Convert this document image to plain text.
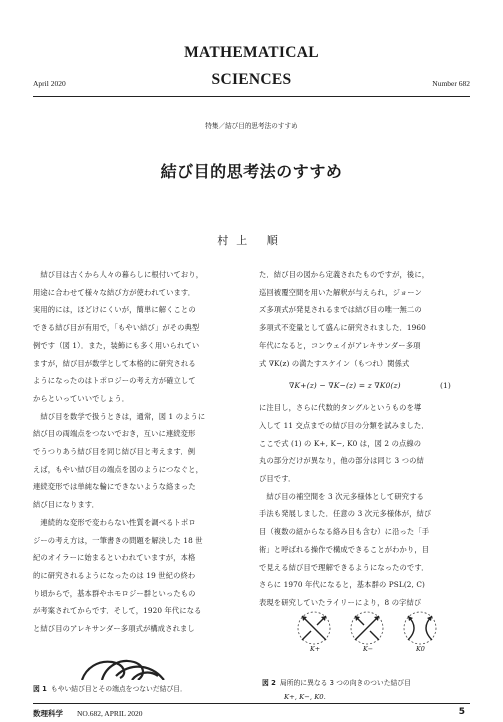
MATHEMATICAL
SCIENCES
April 2020	Number 682
特集／結び目的思考法のすすめ
結び目的思考法のすすめ
村上 順

　結び目は古くから人々の暮らしに根付いており，

用途に合わせて様々な結び方が使われています．

実用的には，ほどけにくいが，簡単に解くことの

できる結び目が有用で，「もやい結び」がその典型

例です（図 1）．また，装飾にも多く用いられてい

ますが，結び目が数学として本格的に研究される

ようになったのはトポロジーの考え方が確立して

からといっていいでしょう．

　結び目を数学で扱うときは，通常，図 1 のように

結び目の両端点をつないでおき，互いに連続変形

でうつりあう結び目を同じ結び目と考えます．例

えば，もやい結び目の端点を図のようにつなぐと，

連続変形では単純な輪にできないような絡まった

結び目になります．

　連続的な変形で変わらない性質を調べるトポロ

ジーの考え方は，一筆書きの問題を解決した 18 世

紀のオイラーに始まるといわれていますが，本格

的に研究されるようになったのは 19 世紀の終わ

り頃からで，基本群やホモロジー群といったもの

が考案されてからです．そして，1920 年代になる

と結び目のアレキサンダー多項式が構成されまし

た．結び目の図から定義されたものですが，後に，

巡回被覆空間を用いた解釈が与えられ，ジョーン

ズ多項式が発見されるまでは結び目の唯一無二の

多項式不変量として盛んに研究されました．1960

年代になると，コンウェイがアレキサンダー多項

式 ∇K(z) の満たすスケイン（もつれ）関係式

∇K+(z) − ∇K−(z) = z ∇K0(z)	(1)

に注目し，さらに代数的タングルというものを導

入して 11 交点までの結び目の分類を試みました．

ここで式 (1) の K+, K−, K0 は，図 2 の点線の

丸の部分だけが異なり，他の部分は同じ 3 つの結

び目です．

　結び目の補空間を 3 次元多様体として研究する

手法も発展しました．任意の 3 次元多様体が，結び

目（複数の紐からなる絡み目も含む）に沿った「手

術」と呼ばれる操作で構成できることがわかり，目

で見える結び目で理解できるようになったのです．

さらに 1970 年代になると，基本群の PSL(2, C)

表現を研究していたライリーにより，8 の字結び

図 1 もやい結び目とその端点をつないだ結び目．
K+	K−	K0
図 2 局所的に異なる 3 つの向きのついた結び目
K+, K−, K0.
数理科学 NO.682, APRIL 2020	5
